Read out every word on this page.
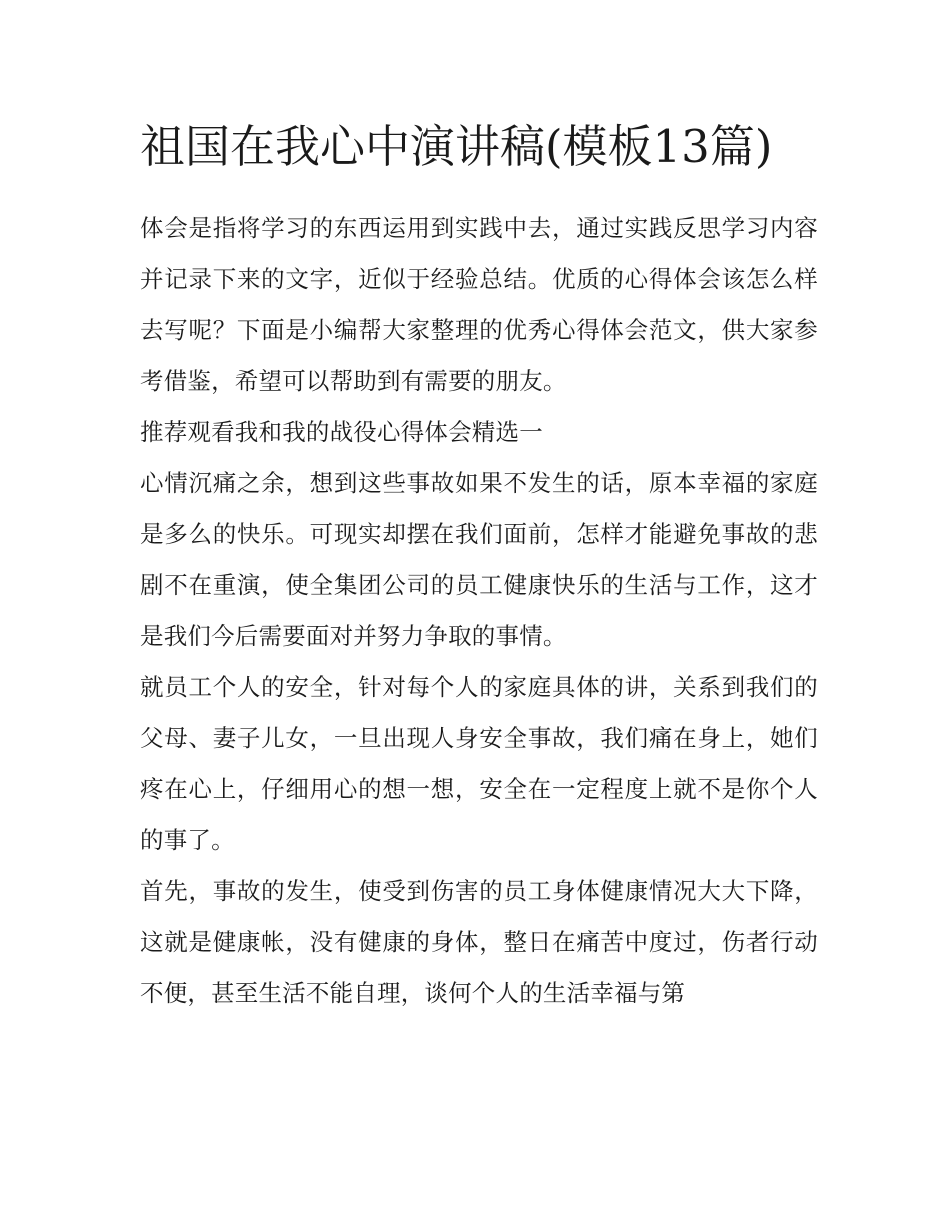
祖国在我心中演讲稿(模板13篇)

体会是指将学习的东西运用到实践中去，通过实践反思学习内容并记录下来的文字，近似于经验总结。优质的心得体会该怎么样去写呢？下面是小编帮大家整理的优秀心得体会范文，供大家参考借鉴，希望可以帮助到有需要的朋友。

推荐观看我和我的战役心得体会精选一

心情沉痛之余，想到这些事故如果不发生的话，原本幸福的家庭是多么的快乐。可现实却摆在我们面前，怎样才能避免事故的悲剧不在重演，使全集团公司的员工健康快乐的生活与工作，这才是我们今后需要面对并努力争取的事情。

就员工个人的安全，针对每个人的家庭具体的讲，关系到我们的父母、妻子儿女，一旦出现人身安全事故，我们痛在身上，她们疼在心上，仔细用心的想一想，安全在一定程度上就不是你个人的事了。

首先，事故的发生，使受到伤害的员工身体健康情况大大下降，这就是健康帐，没有健康的身体，整日在痛苦中度过，伤者行动不便，甚至生活不能自理，谈何个人的生活幸福与第
